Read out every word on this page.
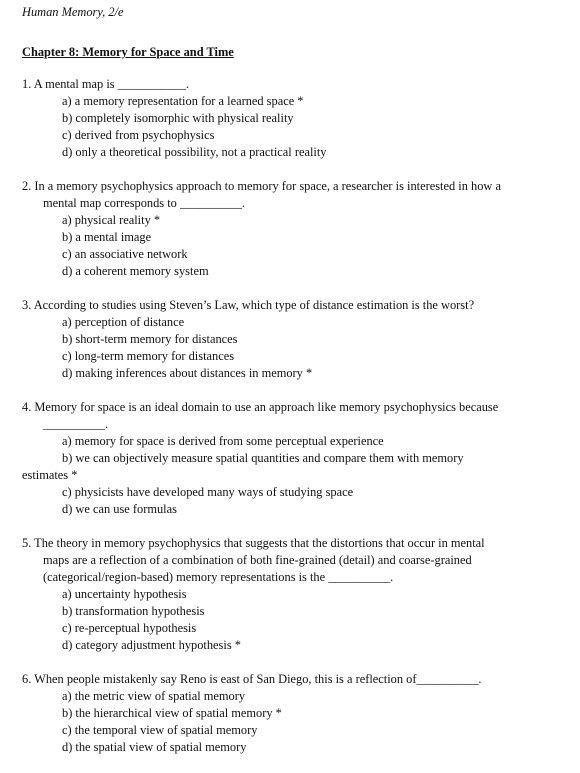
Human Memory, 2/e
Chapter 8: Memory for Space and Time
1. A mental map is ___________.
a) a memory representation for a learned space *
b) completely isomorphic with physical reality
c) derived from psychophysics
d) only a theoretical possibility, not a practical reality
2. In a memory psychophysics approach to memory for space, a researcher is interested in how a
mental map corresponds to __________.
a) physical reality *
b) a mental image
c) an associative network
d) a coherent memory system
3. According to studies using Steven’s Law, which type of distance estimation is the worst?
a) perception of distance
b) short-term memory for distances
c) long-term memory for distances
d) making inferences about distances in memory *
4. Memory for space is an ideal domain to use an approach like memory psychophysics because
__________.
a) memory for space is derived from some perceptual experience
b) we can objectively measure spatial quantities and compare them with memory
estimates *
c) physicists have developed many ways of studying space
d) we can use formulas
5. The theory in memory psychophysics that suggests that the distortions that occur in mental
maps are a reflection of a combination of both fine-grained (detail) and coarse-grained
(categorical/region-based) memory representations is the __________.
a) uncertainty hypothesis
b) transformation hypothesis
c) re-perceptual hypothesis
d) category adjustment hypothesis *
6. When people mistakenly say Reno is east of San Diego, this is a reflection of__________.
a) the metric view of spatial memory
b) the hierarchical view of spatial memory *
c) the temporal view of spatial memory
d) the spatial view of spatial memory
